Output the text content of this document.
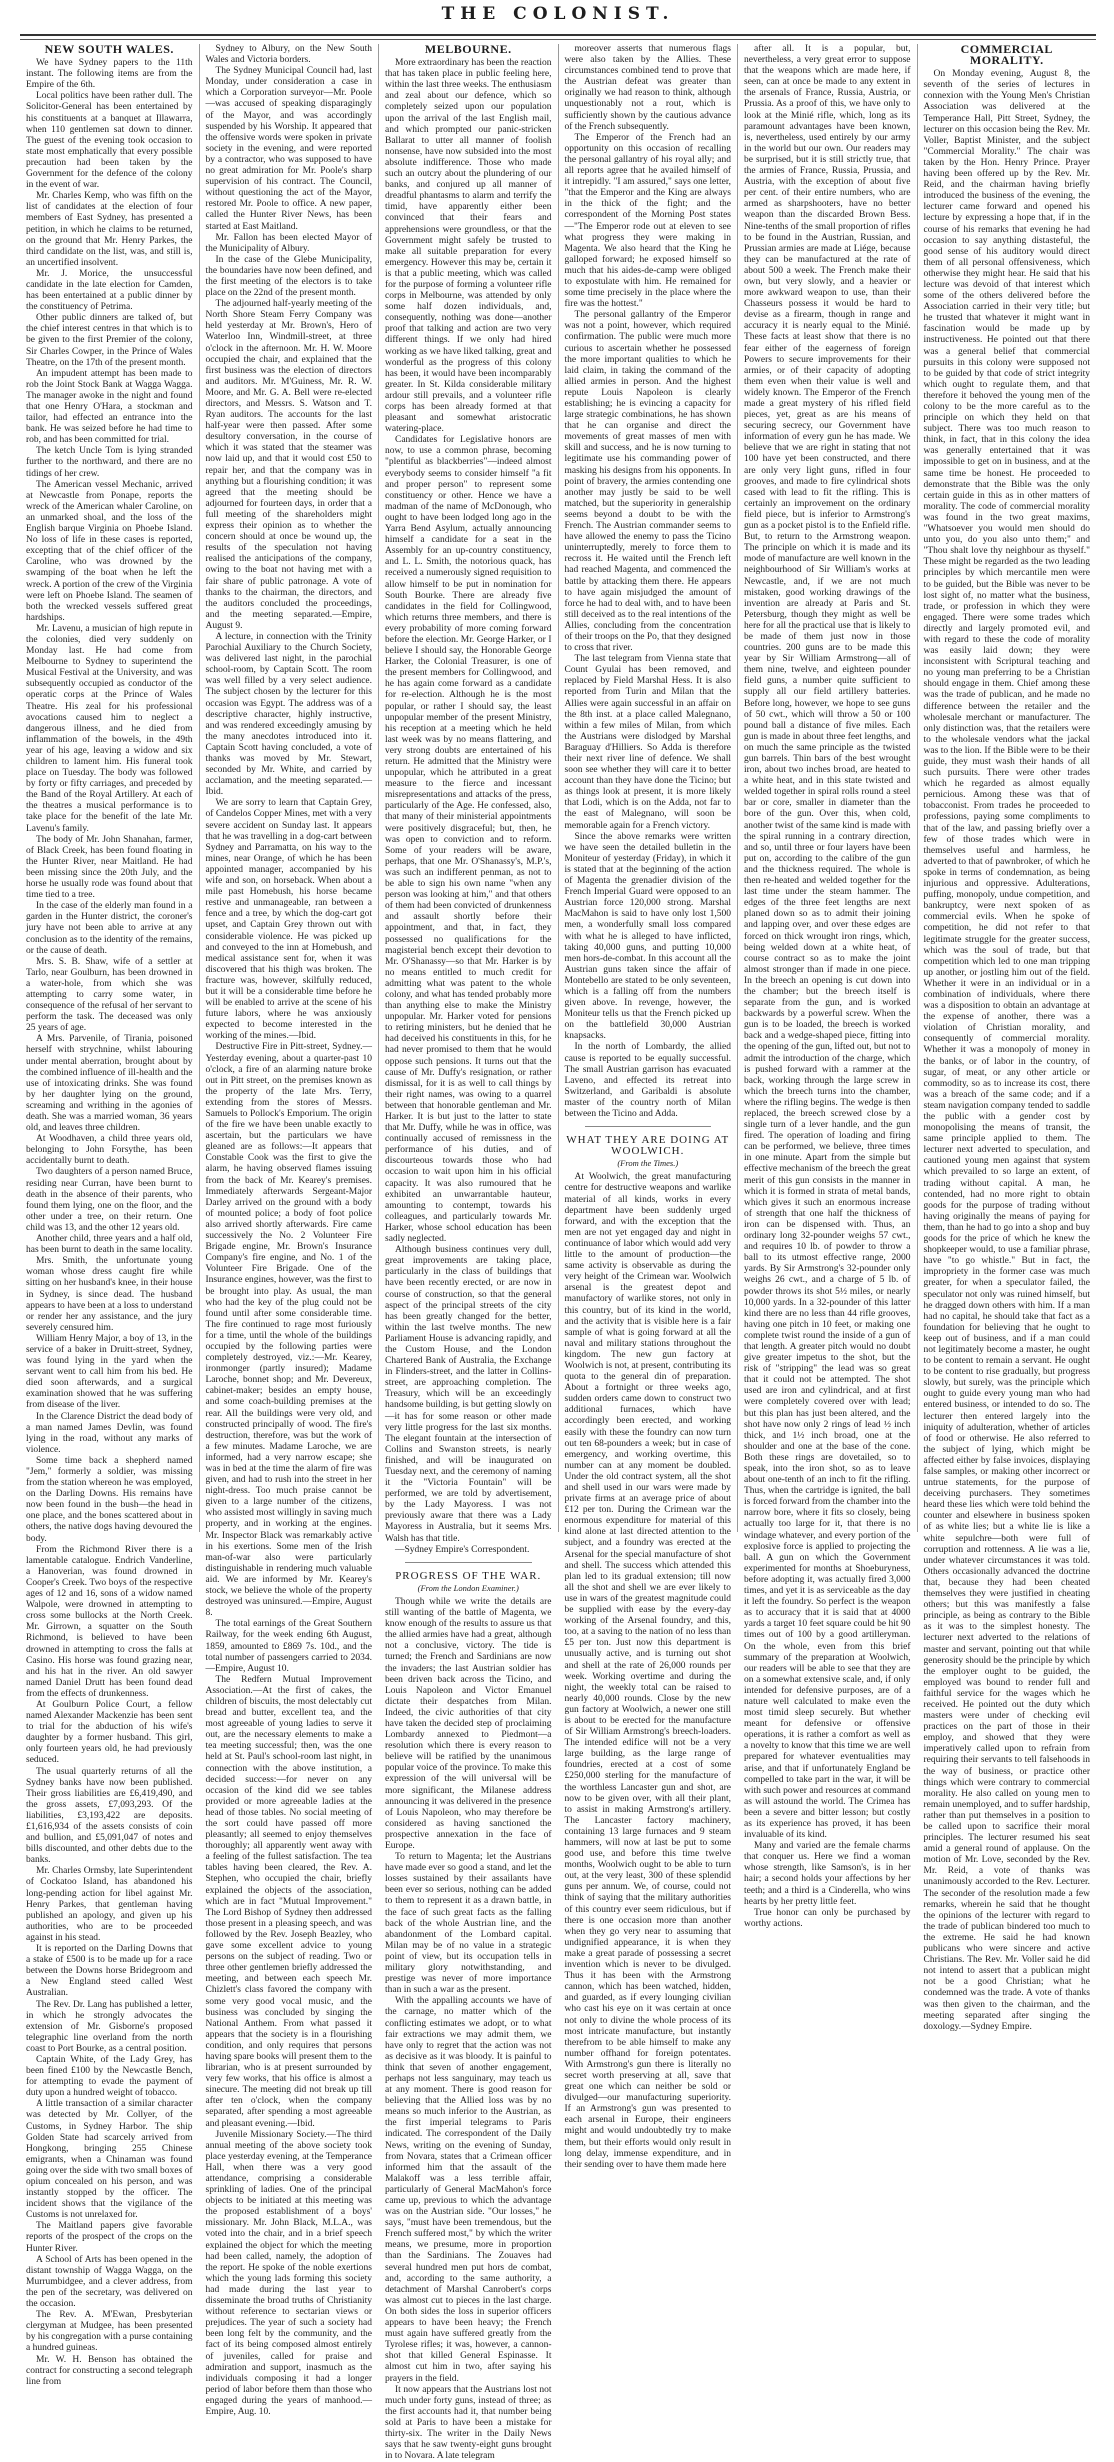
THE COLONIST.
NEW SOUTH WALES.

We have Sydney papers to the 11th instant. The following items are from the Empire of the 6th.

Local politics have been rather dull. The Solicitor-General has been entertained by his constituents at a banquet at Illawarra, when 110 gentlemen sat down to dinner. The guest of the evening took occasion to state most emphatically that every possible precaution had been taken by the Government for the defence of the colony in the event of war.

Mr. Charles Kemp, who was fifth on the list of candidates at the election of four members of East Sydney, has presented a petition, in which he claims to be returned, on the ground that Mr. Henry Parkes, the third candidate on the list, was, and still is, an uncertified insolvent.

Mr. J. Morice, the unsuccessful candidate in the late election for Camden, has been entertained at a public dinner by the constituency of Petrima.

Other public dinners are talked of, but the chief interest centres in that which is to be given to the first Premier of the colony, Sir Charles Cowper, in the Prince of Wales Theatre, on the 17th of the present month.

An impudent attempt has been made to rob the Joint Stock Bank at Wagga Wagga. The manager awoke in the night and found that one Henry O'Hara, a stockman and tailor, had effected an entrance into the bank. He was seized before he had time to rob, and has been committed for trial.

The ketch Uncle Tom is lying stranded further to the northward, and there are no tidings of her crew.

The American vessel Mechanic, arrived at Newcastle from Ponape, reports the wreck of the American whaler Caroline, on an unmarked shoal, and the loss of the English barque Virginia on Phoebe Island. No loss of life in these cases is reported, excepting that of the chief officer of the Caroline, who was drowned by the swamping of the boat when he left the wreck. A portion of the crew of the Virginia were left on Phoebe Island. The seamen of both the wrecked vessels suffered great hardships.

Mr. Lavenu, a musician of high repute in the colonies, died very suddenly on Monday last. He had come from Melbourne to Sydney to superintend the Musical Festival at the University, and was subsequently occupied as conductor of the operatic corps at the Prince of Wales Theatre. His zeal for his professional avocations caused him to neglect a dangerous illness, and he died from inflammation of the bowels, in the 49th year of his age, leaving a widow and six children to lament him. His funeral took place on Tuesday. The body was followed by forty or fifty carriages, and preceded by the Band of the Royal Artillery. At each of the theatres a musical performance is to take place for the benefit of the late Mr. Lavenu's family.

The body of Mr. John Shanahan, farmer, of Black Creek, has been found floating in the Hunter River, near Maitland. He had been missing since the 20th July, and the horse he usually rode was found about that time tied to a tree.

In the case of the elderly man found in a garden in the Hunter district, the coroner's jury have not been able to arrive at any conclusion as to the identity of the remains, or the cause of death.

Mrs. S. B. Shaw, wife of a settler at Tarlo, near Goulburn, has been drowned in a water-hole, from which she was attempting to carry some water, in consequence of the refusal of her servant to perform the task. The deceased was only 25 years of age.

A Mrs. Parvenile, of Tirania, poisoned herself with strychnine, whilst labouring under mental aberration, brought about by the combined influence of ill-health and the use of intoxicating drinks. She was found by her daughter lying on the ground, screaming and writhing in the agonies of death. She was a married woman, 36 years old, and leaves three children.

At Woodhaven, a child three years old, belonging to John Forsythe, has been accidentally burnt to death.

Two daughters of a person named Bruce, residing near Curran, have been burnt to death in the absence of their parents, who found them lying, one on the floor, and the other under a tree, on their return. One child was 13, and the other 12 years old.

Another child, three years and a half old, has been burnt to death in the same locality.

Mrs. Smith, the unfortunate young woman whose dress caught fire while sitting on her husband's knee, in their house in Sydney, is since dead. The husband appears to have been at a loss to understand or render her any assistance, and the jury severely censured him.

William Henry Major, a boy of 13, in the service of a baker in Druitt-street, Sydney, was found lying in the yard when the servant went to call him from his bed. He died soon afterwards, and a surgical examination showed that he was suffering from disease of the liver.

In the Clarence District the dead body of a man named James Devlin, was found lying in the road, without any marks of violence.

Some time back a shepherd named "Jem," formerly a soldier, was missing from the station whereon he was employed, on the Darling Downs. His remains have now been found in the bush—the head in one place, and the bones scattered about in others, the native dogs having devoured the body.

From the Richmond River there is a lamentable catalogue. Endrich Vanderline, a Hanoverian, was found drowned in Cooper's Creek. Two boys of the respective ages of 12 and 16, sons of a widow named Walpole, were drowned in attempting to cross some bullocks at the North Creek. Mr. Girrown, a squatter on the South Richmond, is believed to have been drowned in attempting to cross the falls at Casino. His horse was found grazing near, and his hat in the river. An old sawyer named Daniel Drutt has been found dead from the effects of drunkenness.

At Goulburn Police Court, a fellow named Alexander Mackenzie has been sent to trial for the abduction of his wife's daughter by a former husband. This girl, only fourteen years old, he had previously seduced.

The usual quarterly returns of all the Sydney banks have now been published. Their gross liabilities are £6,419,490, and the gross assets, £7,093,293. Of the liabilities, £3,193,422 are deposits. £1,616,934 of the assets consists of coin and bullion, and £5,091,047 of notes and bills discounted, and other debts due to the banks.

Mr. Charles Ormsby, late Superintendent of Cockatoo Island, has abandoned his long-pending action for libel against Mr. Henry Parkes, that gentleman having published an apology, and given up his authorities, who are to be proceeded against in his stead.

It is reported on the Darling Downs that a stake of £500 is to be made up for a race between the Downs horse Bridegroom and a New England steed called West Australian.

The Rev. Dr. Lang has published a letter, in which he strongly advocates the extension of Mr. Gisborne's proposed telegraphic line overland from the north coast to Port Bourke, as a central position.

Captain White, of the Lady Grey, has been fined £100 by the Newcastle Bench, for attempting to evade the payment of duty upon a hundred weight of tobacco.

A little transaction of a similar character was detected by Mr. Collyer, of the Customs, in Sydney Harbor. The ship Golden State had scarcely arrived from Hongkong, bringing 255 Chinese emigrants, when a Chinaman was found going over the side with two small boxes of opium concealed on his person, and was instantly stopped by the officer. The incident shows that the vigilance of the Customs is not unrelaxed for.

The Maitland papers give favorable reports of the prospect of the crops on the Hunter River.

A School of Arts has been opened in the distant township of Wagga Wagga, on the Murrumbidgee, and a clever address, from the pen of the secretary, was delivered on the occasion.

The Rev. A. M'Ewan, Presbyterian clergyman at Mudgee, has been presented by his congregation with a purse containing a hundred guineas.

Mr. W. H. Benson has obtained the contract for constructing a second telegraph line from

Sydney to Albury, on the New South Wales and Victoria borders.

The Sydney Municipal Council had, last Monday, under consideration a case in which a Corporation surveyor—Mr. Poole—was accused of speaking disparagingly of the Mayor, and was accordingly suspended by his Worship. It appeared that the offensive words were spoken in private society in the evening, and were reported by a contractor, who was supposed to have no great admiration for Mr. Poole's sharp supervision of his contract. The Council, without questioning the act of the Mayor, restored Mr. Poole to office. A new paper, called the Hunter River News, has been started at East Maitland.

Mr. Fallon has been elected Mayor of the Municipality of Albury.

In the case of the Glebe Municipality, the boundaries have now been defined, and the first meeting of the electors is to take place on the 22nd of the present month.

The adjourned half-yearly meeting of the North Shore Steam Ferry Company was held yesterday at Mr. Brown's, Hero of Waterloo Inn, Windmill-street, at three o'clock in the afternoon. Mr. H. W. Moore occupied the chair, and explained that the first business was the election of directors and auditors. Mr. M'Guiness, Mr. R. W. Moore, and Mr. G. A. Bell were re-elected directors, and Messrs. S. Watson and T. Ryan auditors. The accounts for the last half-year were then passed. After some desultory conversation, in the course of which it was stated that the steamer was now laid up, and that it would cost £50 to repair her, and that the company was in anything but a flourishing condition; it was agreed that the meeting should be adjourned for fourteen days, in order that a full meeting of the shareholders might express their opinion as to whether the concern should at once be wound up, the results of the speculation not having realised the anticipations of the company, owing to the boat not having met with a fair share of public patronage. A vote of thanks to the chairman, the directors, and the auditors concluded the proceedings, and the meeting separated.—Empire, August 9.

A lecture, in connection with the Trinity Parochial Auxiliary to the Church Society, was delivered last night, in the parochial school-room, by Captain Scott. The room was well filled by a very select audience. The subject chosen by the lecturer for this occasion was Egypt. The address was of a descriptive character, highly instructive, and was rendered exceedingly amusing by the many anecdotes introduced into it. Captain Scott having concluded, a vote of thanks was moved by Mr. Stewart, seconded by Mr. White, and carried by acclamation, and the meeting separated.—Ibid.

We are sorry to learn that Captain Grey, of Candelos Copper Mines, met with a very severe accident on Sunday last. It appears that he was travelling in a dog-cart between Sydney and Parramatta, on his way to the mines, near Orange, of which he has been appointed manager, accompanied by his wife and son, on horseback. When about a mile past Homebush, his horse became restive and unmanageable, ran between a fence and a tree, by which the dog-cart got upset, and Captain Grey thrown out with considerable violence. He was picked up and conveyed to the inn at Homebush, and medical assistance sent for, when it was discovered that his thigh was broken. The fracture was, however, skilfully reduced, but it will be a considerable time before he will be enabled to arrive at the scene of his future labors, where he was anxiously expected to become interested in the working of the mines.—Ibid.

Destructive Fire in Pitt-street, Sydney.—Yesterday evening, about a quarter-past 10 o'clock, a fire of an alarming nature broke out in Pitt street, on the premises known as the property of the late Mrs. Terry, extending from the stores of Messrs. Samuels to Pollock's Emporium. The origin of the fire we have been unable exactly to ascertain, but the particulars we have gleaned are as follows:—It appears that Constable Cook was the first to give the alarm, he having observed flames issuing from the back of Mr. Kearey's premises. Immediately afterwards Sergeant-Major Darley arrived on the ground with a body of mounted police; a body of foot police also arrived shortly afterwards. Fire came successively the No. 2 Volunteer Fire Brigade engine, Mr. Brown's Insurance Company's fire engine, and No. 1 of the Volunteer Fire Brigade. One of the Insurance engines, however, was the first to be brought into play. As usual, the man who had the key of the plug could not be found until after some considerable time. The fire continued to rage most furiously for a time, until the whole of the buildings occupied by the following parties were completely destroyed, viz.:—Mr. Kearey, ironmonger (partly insured); Madame Laroche, bonnet shop; and Mr. Devereux, cabinet-maker; besides an empty house, and some coach-building premises at the rear. All the buildings were very old, and constructed principally of wood. The fire's destruction, therefore, was but the work of a few minutes. Madame Laroche, we are informed, had a very narrow escape; she was in bed at the time the alarm of fire was given, and had to rush into the street in her night-dress. Too much praise cannot be given to a large number of the citizens, who assisted most willingly in saving much property, and in working at the engines. Mr. Inspector Black was remarkably active in his exertions. Some men of the Irish man-of-war also were particularly distinguishable in rendering much valuable aid. We are informed by Mr. Kearey's stock, we believe the whole of the property destroyed was uninsured.—Empire, August 8.

The total earnings of the Great Southern Railway, for the week ending 6th August, 1859, amounted to £869 7s. 10d., and the total number of passengers carried to 2034.—Empire, August 10.

The Redfern Mutual Improvement Association.—At the first of cakes, the children of biscuits, the most delectably cut bread and butter, excellent tea, and the most agreeable of young ladies to serve it out, are the necessary elements to make a tea meeting successful; then, was the one held at St. Paul's school-room last night, in connection with the above institution, a decided success:—for never on any occasion of the kind did we see tables provided or more agreeable ladies at the head of those tables. No social meeting of the sort could have passed off more pleasantly; all seemed to enjoy themselves thoroughly; all apparently went away with a feeling of the fullest satisfaction. The tea tables having been cleared, the Rev. A. Stephen, who occupied the chair, briefly explained the objects of the association, which are in fact "Mutual Improvement." The Lord Bishop of Sydney then addressed those present in a pleasing speech, and was followed by the Rev. Joseph Beazley, who gave some excellent advice to young persons on the subject of reading. Two or three other gentlemen briefly addressed the meeting, and between each speech Mr. Chizlett's class favored the company with some very good vocal music, and the business was concluded by singing the National Anthem. From what passed it appears that the society is in a flourishing condition, and only requires that persons having spare books will present them to the librarian, who is at present surrounded by very few works, that his office is almost a sinecure. The meeting did not break up till after ten o'clock, when the company separated, after spending a most agreeable and pleasant evening.—Ibid.

Juvenile Missionary Society.—The third annual meeting of the above society took place yesterday evening, at the Temperance Hall, when there was a very good attendance, comprising a considerable sprinkling of ladies. One of the principal objects to be initiated at this meeting was the proposed establishment of a boys' missionary. Mr. John Black, M.L.A., was voted into the chair, and in a brief speech explained the object for which the meeting had been called, namely, the adoption of the report. He spoke of the noble exertions which the young lads forming this society had made during the last year to disseminate the broad truths of Christianity without reference to sectarian views or prejudices. The year of such a society had been long felt by the community, and the fact of its being composed almost entirely of juveniles, called for praise and admiration and support, inasmuch as the individuals composing it had a longer period of labor before them than those who engaged during the years of manhood.—Empire, Aug. 10.

MELBOURNE.

More extraordinary has been the reaction that has taken place in public feeling here, within the last three weeks. The enthusiasm and zeal about our defence, which so completely seized upon our population upon the arrival of the last English mail, and which prompted our panic-stricken Ballarat to utter all manner of foolish nonsense, have now subsided into the most absolute indifference. Those who made such an outcry about the plundering of our banks, and conjured up all manner of dreadful phantasms to alarm and terrify the timid, have apparently either been convinced that their fears and apprehensions were groundless, or that the Government might safely be trusted to make all suitable preparation for every emergency. However this may be, certain it is that a public meeting, which was called for the purpose of forming a volunteer rifle corps in Melbourne, was attended by only some half dozen individuals, and, consequently, nothing was done—another proof that talking and action are two very different things. If we only had hired working as we have liked talking, great and wonderful as the progress of this colony has been, it would have been incomparably greater. In St. Kilda considerable military ardour still prevails, and a volunteer rifle corps has been already formed at that pleasant and somewhat aristocratic watering-place.

Candidates for Legislative honors are now, to use a common phrase, becoming "plentiful as blackberries"—indeed almost everybody seems to consider himself "a fit and proper person" to represent some constituency or other. Hence we have a madman of the name of McDonough, who ought to have been lodged long ago in the Yarra Bend Asylum, actually announcing himself a candidate for a seat in the Assembly for an up-country constituency, and L. L. Smith, the notorious quack, has received a numerously signed requisition to allow himself to be put in nomination for South Bourke. There are already five candidates in the field for Collingwood, which returns three members, and there is every probability of more coming forward before the election. Mr. George Harker, or I believe I should say, the Honorable George Harker, the Colonial Treasurer, is one of the present members for Collingwood, and he has again come forward as a candidate for re-election. Although he is the most popular, or rather I should say, the least unpopular member of the present Ministry, his reception at a meeting which he held last week was by no means flattering, and very strong doubts are entertained of his return. He admitted that the Ministry were unpopular, which he attributed in a great measure to the fierce and incessant misrepresentations and attacks of the press, particularly of the Age. He confessed, also, that many of their ministerial appointments were positively disgraceful; but, then, he was open to conviction and to reform. Some of your readers will be aware, perhaps, that one Mr. O'Shanassy's, M.P.'s, was such an indifferent penman, as not to be able to sign his own name "when any person was looking at him," and that others of them had been convicted of drunkenness and assault shortly before their appointment, and that, in fact, they possessed no qualifications for the magisterial bench except their devotion to Mr. O'Shanassy—so that Mr. Harker is by no means entitled to much credit for admitting what was patent to the whole colony, and what has tended probably more than anything else to make the Ministry unpopular. Mr. Harker voted for pensions to retiring ministers, but he denied that he had deceived his constituents in this, for he had never promised to them that he would oppose such pensions. It turns out that the cause of Mr. Duffy's resignation, or rather dismissal, for it is as well to call things by their right names, was owing to a quarrel between that honorable gentleman and Mr. Harker. It is but just to the latter to state that Mr. Duffy, while he was in office, was continually accused of remissness in the performance of his duties, and of discourteous towards those who had occasion to wait upon him in his official capacity. It was also rumoured that he exhibited an unwarrantable hauteur, amounting to contempt, towards his colleagues, and particularly towards Mr. Harker, whose school education has been sadly neglected.

Although business continues very dull, great improvements are taking place, particularly in the class of buildings that have been recently erected, or are now in course of construction, so that the general aspect of the principal streets of the city has been greatly changed for the better, within the last twelve months. The new Parliament House is advancing rapidly, and the Custom House, and the London Chartered Bank of Australia, the Exchange in Flinders-street, and the latter in Collins-street, are approaching completion. The Treasury, which will be an exceedingly handsome building, is but getting slowly on—it has for some reason or other made very little progress for the last six months. The elegant fountain at the intersection of Collins and Swanston streets, is nearly finished, and will be inaugurated on Tuesday next, and the ceremony of naming it the "Victoria Fountain" will be performed, we are told by advertisement, by the Lady Mayoress. I was not previously aware that there was a Lady Mayoress in Australia, but it seems Mrs. Walsh has that title.

—Sydney Empire's Correspondent.

PROGRESS OF THE WAR.
(From the London Examiner.)

Though while we write the details are still wanting of the battle of Magenta, we know enough of the results to assure us that the allied armies have had a great, although not a conclusive, victory. The tide is turned; the French and Sardinians are now the invaders; the last Austrian soldier has been driven back across the Ticino, and Louis Napoleon and Victor Emanuel dictate their despatches from Milan. Indeed, the civic authorities of that city have taken the decided step of proclaiming Lombardy annexed to Piedmont—a resolution which there is every reason to believe will be ratified by the unanimous popular voice of the province. To make this expression of the will universal will be more significant, the Milanese address announcing it was delivered in the presence of Louis Napoleon, who may therefore be considered as having sanctioned the prospective annexation in the face of Europe.

To return to Magenta; let the Austrians have made ever so good a stand, and let the losses sustained by their assailants have been ever so serious, nothing can be added to them to represent it as a drawn battle, in the face of such great facts as the falling back of the whole Austrian line, and the abandonment of the Lombard capital. Milan may be of no value in a strategic point of view, but its occupation tells in military glory notwithstanding, and prestige was never of more importance than in such a war as the present.

With the appalling accounts we have of the carnage, no matter which of the conflicting estimates we adopt, or to what fair extractions we may admit them, we have only to regret that the action was not as decisive as it was bloody. It is painful to think that seven of another engagement, perhaps not less sanguinary, may teach us at any moment. There is good reason for believing that the Allied loss was by no means so much inferior to the Austrian, as the first imperial telegrams to Paris indicated. The correspondent of the Daily News, writing on the evening of Sunday, from Novara, states that a Crimean officer informed him that the assault of the Malakoff was a less terrible affair, particularly of General MacMahon's force came up, previous to which the advantage was on the Austrian side. "Our losses," he says, "must have been tremendous, but the French suffered most," by which the writer means, we presume, more in proportion than the Sardinians. The Zouaves had several hundred men put hors de combat, and, according to the same authority, a detachment of Marshal Canrobert's corps was almost cut to pieces in the last charge. On both sides the loss in superior officers appears to have been heavy; the French must again have suffered greatly from the Tyrolese rifles; it was, however, a cannon-shot that killed General Espinasse. It almost cut him in two, after saying his prayers in the field.

It now appears that the Austrians lost not much under forty guns, instead of three; as the first accounts had it, that number being sold at Paris to have been a mistake for thirty-six. The writer in the Daily News says that he saw twenty-eight guns brought in to Novara. A late telegram

moreover asserts that numerous flags were also taken by the Allies. These circumstances combined tend to prove that the Austrian defeat was greater than originally we had reason to think, although unquestionably not a rout, which is sufficiently shown by the cautious advance of the French subsequently.

The Emperor of the French had an opportunity on this occasion of recalling the personal gallantry of his royal ally; and all reports agree that he availed himself of it intrepidly. "I am assured," says one letter, "that the Emperor and the King are always in the thick of the fight; and the correspondent of the Morning Post states—"The Emperor rode out at eleven to see what progress they were making in Magenta. We also heard that the King he galloped forward; he exposed himself so much that his aides-de-camp were obliged to expostulate with him. He remained for some time precisely in the place where the fire was the hottest."

The personal gallantry of the Emperor was not a point, however, which required confirmation. The public were much more curious to ascertain whether he possessed the more important qualities to which he laid claim, in taking the command of the allied armies in person. And the highest repute Louis Napoleon is clearly establishing; he is evincing a capacity for large strategic combinations, he has shown that he can organise and direct the movements of great masses of men with skill and success, and he is now turning to legitimate use his commanding power of masking his designs from his opponents. In point of bravery, the armies contending one another may justly be said to be well matched, but the superiority in generalship seems beyond a doubt to be with the French. The Austrian commander seems to have allowed the enemy to pass the Ticino uninterruptedly, merely to force them to recross it. He waited until the French left had reached Magenta, and commenced the battle by attacking them there. He appears to have again misjudged the amount of force he had to deal with, and to have been still deceived as to the real intentions of the Allies, concluding from the concentration of their troops on the Po, that they designed to cross that river.

The last telegram from Vienna state that Count Gyulai has been removed, and replaced by Field Marshal Hess. It is also reported from Turin and Milan that the Allies were again successful in an affair on the 8th inst. at a place called Malegnano, within a few miles of Milan, from which the Austrians were dislodged by Marshal Baraguay d'Hilliers. So Adda is therefore their next river line of defence. We shall soon see whether they will care it to better account than they have done the Ticino; but as things look at present, it is more likely that Lodi, which is on the Adda, not far to the east of Malegnano, will soon be memorable again for a French victory.

Since the above remarks were written we have seen the detailed bulletin in the Moniteur of yesterday (Friday), in which it is stated that at the beginning of the action of Magenta the grenadier division of the French Imperial Guard were opposed to an Austrian force 120,000 strong. Marshal MacMahon is said to have only lost 1,500 men, a wonderfully small loss compared with what he is alleged to have inflicted, taking 40,000 guns, and putting 10,000 men hors-de-combat. In this account all the Austrian guns taken since the affair of Montebello are stated to be only seventeen, which is a falling off from the numbers given above. In revenge, however, the Moniteur tells us that the French picked up on the battlefield 30,000 Austrian knapsacks.

In the north of Lombardy, the allied cause is reported to be equally successful. The small Austrian garrison has evacuated Laveno, and effected its retreat into Switzerland, and Garibaldi is absolute master of the country north of Milan between the Ticino and Adda.

WHAT THEY ARE DOING AT WOOLWICH.
(From the Times.)

At Woolwich, the great manufacturing centre for destructive weapons and warlike material of all kinds, works in every department have been suddenly urged forward, and with the exception that the men are not yet engaged day and night in continuance of labor which would add very little to the amount of production—the same activity is observable as during the very height of the Crimean war. Woolwich arsenal is the greatest depot and manufactory of warlike stores, not only in this country, but of its kind in the world, and the activity that is visible here is a fair sample of what is going forward at all the naval and military stations throughout the kingdom. The new gun factory at Woolwich is not, at present, contributing its quota to the general din of preparation. About a fortnight or three weeks ago, sudden orders came down to construct two additional furnaces, which have accordingly been erected, and working easily with these the foundry can now turn out ten 68-pounders a week; but in case of emergency, and working overtime, this number can at any moment be doubled. Under the old contract system, all the shot and shell used in our wars were made by private firms at an average price of about £12 per ton. During the Crimean war the enormous expenditure for material of this kind alone at last directed attention to the subject, and a foundry was erected at the Arsenal for the special manufacture of shot and shell. The success which attended this plan led to its gradual extension; till now all the shot and shell we are ever likely to use in wars of the greatest magnitude could be supplied with ease by the every-day working of the Arsenal foundry, and this, too, at a saving to the nation of no less than £5 per ton. Just now this department is unusually active, and is turning out shot and shell at the rate of 26,000 rounds per week. Working overtime and during the night, the weekly total can be raised to nearly 40,000 rounds. Close by the new gun factory at Woolwich, a newer one still is about to be erected for the manufacture of Sir William Armstrong's breech-loaders. The intended edifice will not be a very large building, as the large range of foundries, erected at a cost of some £250,000 sterling for the manufacture of the worthless Lancaster gun and shot, are now to be given over, with all their plant, to assist in making Armstrong's artillery. The Lancaster factory machinery, containing 13 large furnaces and 9 steam hammers, will now at last be put to some good use, and before this time twelve months, Woolwich ought to be able to turn out, at the very least, 300 of these splendid guns per annum. We, of course, could not think of saying that the military authorities of this country ever seem ridiculous, but if there is one occasion more than another when they go very near to assuming that undignified appearance, it is when they make a great parade of possessing a secret invention which is never to be divulged. Thus it has been with the Armstrong cannon, which has been watched, hidden, and guarded, as if every lounging civilian who cast his eye on it was certain at once not only to divine the whole process of its most intricate manufacture, but instantly therefrom to be able himself to make any number offhand for foreign potentates. With Armstrong's gun there is literally no secret worth preserving at all, save that great one which can neither be sold or divulged—our manufacturing superiority. If an Armstrong's gun was presented to each arsenal in Europe, their engineers might and would undoubtedly try to make them, but their efforts would only result in long delay, immense expenditure, and in their sending over to have them made here

after all. It is a popular, but, nevertheless, a very great error to suppose that the weapons which are made here, if seen, can at once be made to any extent in the arsenals of France, Russia, Austria, or Prussia. As a proof of this, we have only to look at the Minié rifle, which, long as its paramount advantages have been known, is, nevertheless, used entirely by our army in the world but our own. Our readers may be surprised, but it is still strictly true, that the armies of France, Russia, Prussia, and Austria, with the exception of about five per cent. of their entire numbers, who are armed as sharpshooters, have no better weapon than the discarded Brown Bess. Nine-tenths of the small proportion of rifles to be found in the Austrian, Russian, and Prussian armies are made at Liége, because they can be manufactured at the rate of about 500 a week. The French make their own, but very slowly, and a heavier or more awkward weapon to use, than their Chasseurs possess it would be hard to devise as a firearm, though in range and accuracy it is nearly equal to the Minié. These facts at least show that there is no fear either of the eagerness of foreign Powers to secure improvements for their armies, or of their capacity of adopting them even when their value is well and widely known. The Emperor of the French made a great mystery of his rifled field pieces, yet, great as are his means of securing secrecy, our Government have information of every gun he has made. We believe that we are right in stating that not 100 have yet been constructed, and there are only very light guns, rifled in four grooves, and made to fire cylindrical shots cased with lead to fit the rifling. This is certainly an improvement on the ordinary field piece, but is inferior to Armstrong's gun as a pocket pistol is to the Enfield rifle. But, to return to the Armstrong weapon. The principle on which it is made and its mode of manufacture are well known in the neighbourhood of Sir William's works at Newcastle, and, if we are not much mistaken, good working drawings of the invention are already at Paris and St. Petersburg, though they might as well be here for all the practical use that is likely to be made of them just now in those countries. 200 guns are to be made this year by Sir William Armstrong—all of them nine, twelve, and eighteen pounder field guns, a number quite sufficient to supply all our field artillery batteries. Before long, however, we hope to see guns of 50 cwt., which will throw a 50 or 100 pound ball a distance of five miles. Each gun is made in about three feet lengths, and on much the same principle as the twisted gun barrels. Thin bars of the best wrought iron, about two inches broad, are heated to a white heat, and in this state twisted and welded together in spiral rolls round a steel bar or core, smaller in diameter than the bore of the gun. Over this, when cold, another twist of the same kind is made with the spiral running in a contrary direction, and so, until three or four layers have been put on, according to the calibre of the gun and the thickness required. The whole is then re-heated and welded together for the last time under the steam hammer. The edges of the three feet lengths are next planed down so as to admit their joining and lapping over, and over these edges are forced on thick wrought iron rings, which, being welded down at a white heat, of course contract so as to make the joint almost stronger than if made in one piece. In the breech an opening is cut down into the chamber; but the breech itself is separate from the gun, and is worked backwards by a powerful screw. When the gun is to be loaded, the breech is worked back and a wedge-shaped piece, fitting into the opening of the gun, lifted out, but not to admit the introduction of the charge, which is pushed forward with a rammer at the back, working through the large screw in which the breech turns into the chamber, where the rifling begins. The wedge is then replaced, the breech screwed close by a single turn of a lever handle, and the gun fired. The operation of loading and firing can be performed, we believe, three times in one minute. Apart from the simple but effective mechanism of the breech the great merit of this gun consists in the manner in which it is formed in strata of metal bands, which gives it such an enormous increase of strength that one half the thickness of iron can be dispensed with. Thus, an ordinary long 32-pounder weighs 57 cwt., and requires 10 lb. of powder to throw a ball to its utmost effective range, 2000 yards. By Sir Armstrong's 32-pounder only weighs 26 cwt., and a charge of 5 lb. of powder throws its shot 5½ miles, or nearly 10,000 yards. In a 32-pounder of this latter kind there are no less than 44 rifle grooves, having one pitch in 10 feet, or making one complete twist round the inside of a gun of that length. A greater pitch would no doubt give greater impetus to the shot, but the risk of "stripping" the lead was so great that it could not be attempted. The shot used are iron and cylindrical, and at first were completely covered over with lead; but this plan has just been altered, and the shot have now only 2 rings of lead ½ inch thick, and 1½ inch broad, one at the shoulder and one at the base of the cone. Both these rings are dovetailed, so to speak, into the iron shot, so as to leave about one-tenth of an inch to fit the rifling. Thus, when the cartridge is ignited, the ball is forced forward from the chamber into the narrow bore, where it fits so closely, being actually too large for it, that there is no windage whatever, and every portion of the explosive force is applied to projecting the ball. A gun on which the Government experimented for months at Shoeburyness, before adopting it, was actually fired 3,000 times, and yet it is as serviceable as the day it left the foundry. So perfect is the weapon as to accuracy that it is said that at 4000 yards a target 10 feet square could be hit 90 times out of 100 by a good artilleryman. On the whole, even from this brief summary of the preparation at Woolwich, our readers will be able to see that they are on a somewhat extensive scale, and, if only intended for defensive purposes, are of a nature well calculated to make even the most timid sleep securely. But whether meant for defensive or offensive operations, it is rather a comfort as well as a novelty to know that this time we are well prepared for whatever eventualities may arise, and that if unfortunately England be compelled to take part in the war, it will be with such power and resources at command as will astound the world. The Crimea has been a severe and bitter lesson; but costly as its experience has proved, it has been invaluable of its kind.

Many and varied are the female charms that conquer us. Here we find a woman whose strength, like Samson's, is in her hair; a second holds your affections by her teeth; and a third is a Cinderella, who wins hearts by her pretty little feet.

True honor can only be purchased by worthy actions.

COMMERCIAL MORALITY.

On Monday evening, August 8, the seventh of the series of lectures in connexion with the Young Men's Christian Association was delivered at the Temperance Hall, Pitt Street, Sydney, the lecturer on this occasion being the Rev. Mr. Voller, Baptist Minister, and the subject "Commercial Morality." The chair was taken by the Hon. Henry Prince. Prayer having been offered up by the Rev. Mr. Reid, and the chairman having briefly introduced the business of the evening, the lecturer came forward and opened his lecture by expressing a hope that, if in the course of his remarks that evening he had occasion to say anything distasteful, the good sense of his auditory would direct them of all personal offensiveness, which otherwise they might hear. He said that his lecture was devoid of that interest which some of the others delivered before the Association carried in their very title; but he trusted that whatever it might want in fascination would be made up by instructiveness. He pointed out that there was a general belief that commercial pursuits in this colony were supposed not to be guided by that code of strict integrity which ought to regulate them, and that therefore it behoved the young men of the colony to be the more careful as to the principle on which they held on that subject. There was too much reason to think, in fact, that in this colony the idea was generally entertained that it was impossible to get on in business, and at the same time be honest. He proceeded to demonstrate that the Bible was the only certain guide in this as in other matters of morality. The code of commercial morality was found in the two great maxims, "Whatsoever you would men should do unto you, do you also unto them;" and "Thou shalt love thy neighbour as thyself." These might be regarded as the two leading principles by which mercantile men were to be guided, but the Bible was never to be lost sight of, no matter what the business, trade, or profession in which they were engaged. There were some trades which directly and largely promoted evil, and with regard to these the code of morality was easily laid down; they were inconsistent with Scriptural teaching and no young man preferring to be a Christian should engage in them. Chief among these was the trade of publican, and he made no difference between the retailer and the wholesale merchant or manufacturer. The only distinction was, that the retailers were to the wholesale vendors what the jackal was to the lion. If the Bible were to be their guide, they must wash their hands of all such pursuits. There were other trades which he regarded as almost equally pernicious. Among these was that of tobacconist. From trades he proceeded to professions, paying some compliments to that of the law, and passing briefly over a few of those trades which were in themselves useful and harmless, he adverted to that of pawnbroker, of which he spoke in terms of condemnation, as being injurious and oppressive. Adulterations, puffing, monopoly, undue competition, and bankruptcy, were next spoken of as commercial evils. When he spoke of competition, he did not refer to that legitimate struggle for the greater success, which was the soul of trade, but that competition which led to one man tripping up another, or jostling him out of the field. Whether it were in an individual or in a combination of individuals, where there was a disposition to obtain an advantage at the expense of another, there was a violation of Christian morality, and consequently of commercial morality. Whether it was a monopoly of money in the banks, or of labor in the country, of sugar, of meat, or any other article or commodity, so as to increase its cost, there was a breach of the same code; and if a steam navigation company tended to saddle the public with a gender cost by monopolising the means of transit, the same principle applied to them. The lecturer next adverted to speculation, and cautioned young men against that system which prevailed to so large an extent, of trading without capital. A man, he contended, had no more right to obtain goods for the purpose of trading without having originally the means of paying for them, than he had to go into a shop and buy goods for the price of which he knew the shopkeeper would, to use a familiar phrase, have "to go whistle." But in fact, the impropriety in the former case was much greater, for when a speculator failed, the speculator not only was ruined himself, but he dragged down others with him. If a man had no capital, he should take that fact as a foundation for believing that he ought to keep out of business, and if a man could not legitimately become a master, he ought to be content to remain a servant. He ought to be content to rise gradually, but progress slowly, but surely, was the principle which ought to guide every young man who had entered business, or intended to do so. The lecturer then entered largely into the iniquity of adulteration, whether of articles of food or otherwise. He also referred to the subject of lying, which might be affected either by false invoices, displaying false samples, or making other incorrect or untrue statements, for the purpose of deceiving purchasers. They sometimes heard these lies which were told behind the counter and elsewhere in business spoken of as white lies; but a white lie is like a white sepulchre—both were full of corruption and rottenness. A lie was a lie, under whatever circumstances it was told. Others occasionally advanced the doctrine that, because they had been cheated themselves they were justified in cheating others; but this was manifestly a false principle, as being as contrary to the Bible as it was to the simplest honesty. The lecturer next adverted to the relations of master and servant, pointing out that while generosity should be the principle by which the employer ought to be guided, the employed was bound to render full and faithful service for the wages which he received. He pointed out the duty which masters were under of checking evil practices on the part of those in their employ, and showed that they were imperatively called upon to refrain from requiring their servants to tell falsehoods in the way of business, or practice other things which were contrary to commercial morality. He also called on young men to remain unemployed, and to suffer hardship, rather than put themselves in a position to be called upon to sacrifice their moral principles. The lecturer resumed his seat amid a general round of applause. On the motion of Mr. Love, seconded by the Rev. Mr. Reid, a vote of thanks was unanimously accorded to the Rev. Lecturer. The seconder of the resolution made a few remarks, wherein he said that he thought the opinions of the lecturer with regard to the trade of publican bindered too much to the extreme. He said he had known publicans who were sincere and active Christians. The Rev. Mr. Voller said he did not intend to assert that a publican might not be a good Christian; what he condemned was the trade. A vote of thanks was then given to the chairman, and the meeting separated after singing the doxology.—Sydney Empire.
